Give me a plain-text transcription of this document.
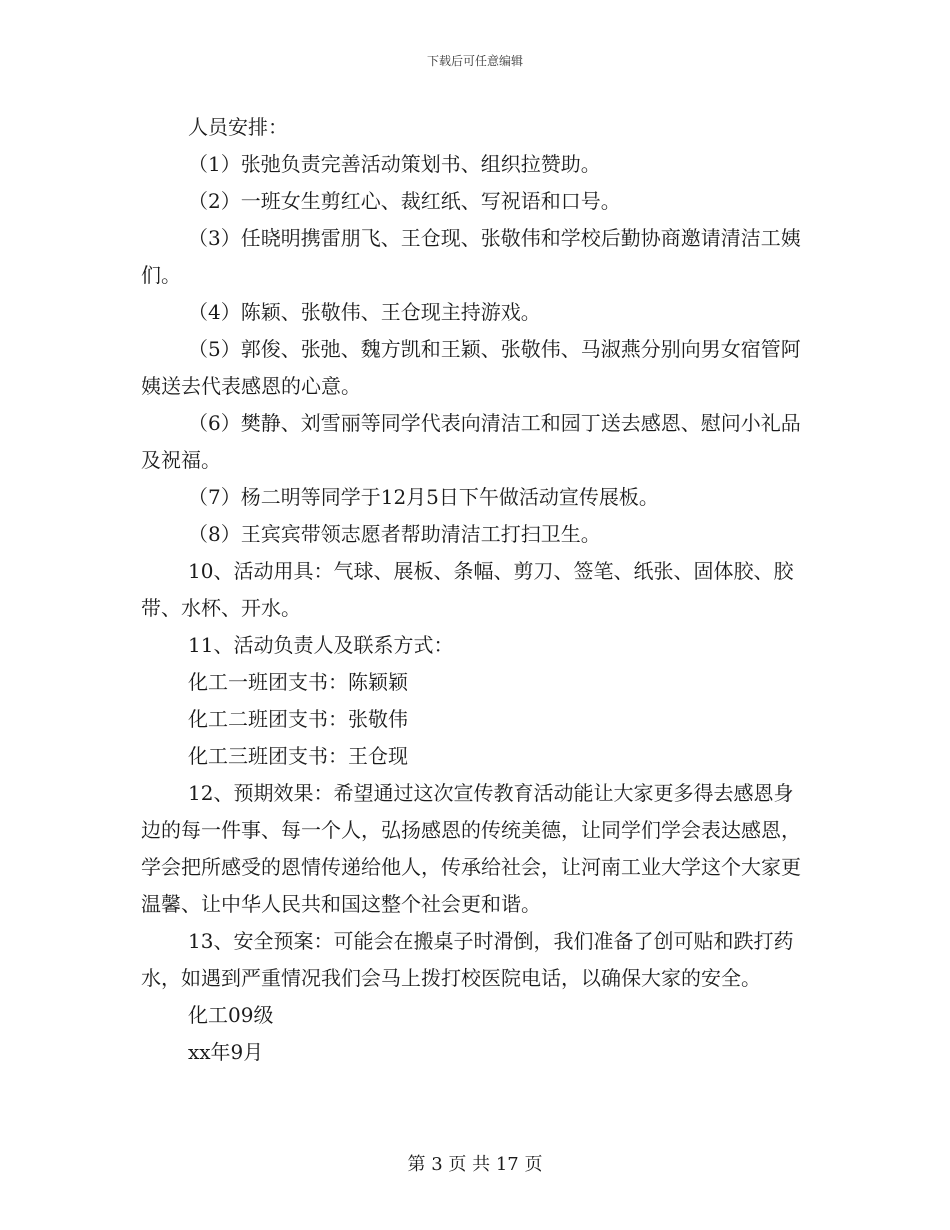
下载后可任意编辑

人员安排：

（1）张弛负责完善活动策划书、组织拉赞助。

（2）一班女生剪红心、裁红纸、写祝语和口号。

（3）任晓明携雷朋飞、王仓现、张敬伟和学校后勤协商邀请清洁工姨们。

（4）陈颖、张敬伟、王仓现主持游戏。

（5）郭俊、张弛、魏方凯和王颖、张敬伟、马淑燕分别向男女宿管阿姨送去代表感恩的心意。

（6）樊静、刘雪丽等同学代表向清洁工和园丁送去感恩、慰问小礼品及祝福。

（7）杨二明等同学于12月5日下午做活动宣传展板。

（8）王宾宾带领志愿者帮助清洁工打扫卫生。

10、活动用具：气球、展板、条幅、剪刀、签笔、纸张、固体胶、胶带、水杯、开水。

11、活动负责人及联系方式：

化工一班团支书：陈颖颖

化工二班团支书：张敬伟

化工三班团支书：王仓现

12、预期效果：希望通过这次宣传教育活动能让大家更多得去感恩身边的每一件事、每一个人，弘扬感恩的传统美德，让同学们学会表达感恩，学会把所感受的恩情传递给他人，传承给社会，让河南工业大学这个大家更温馨、让中华人民共和国这整个社会更和谐。

13、安全预案：可能会在搬桌子时滑倒，我们准备了创可贴和跌打药水，如遇到严重情况我们会马上拨打校医院电话，以确保大家的安全。

化工09级

xx年9月

第 3 页 共 17 页
